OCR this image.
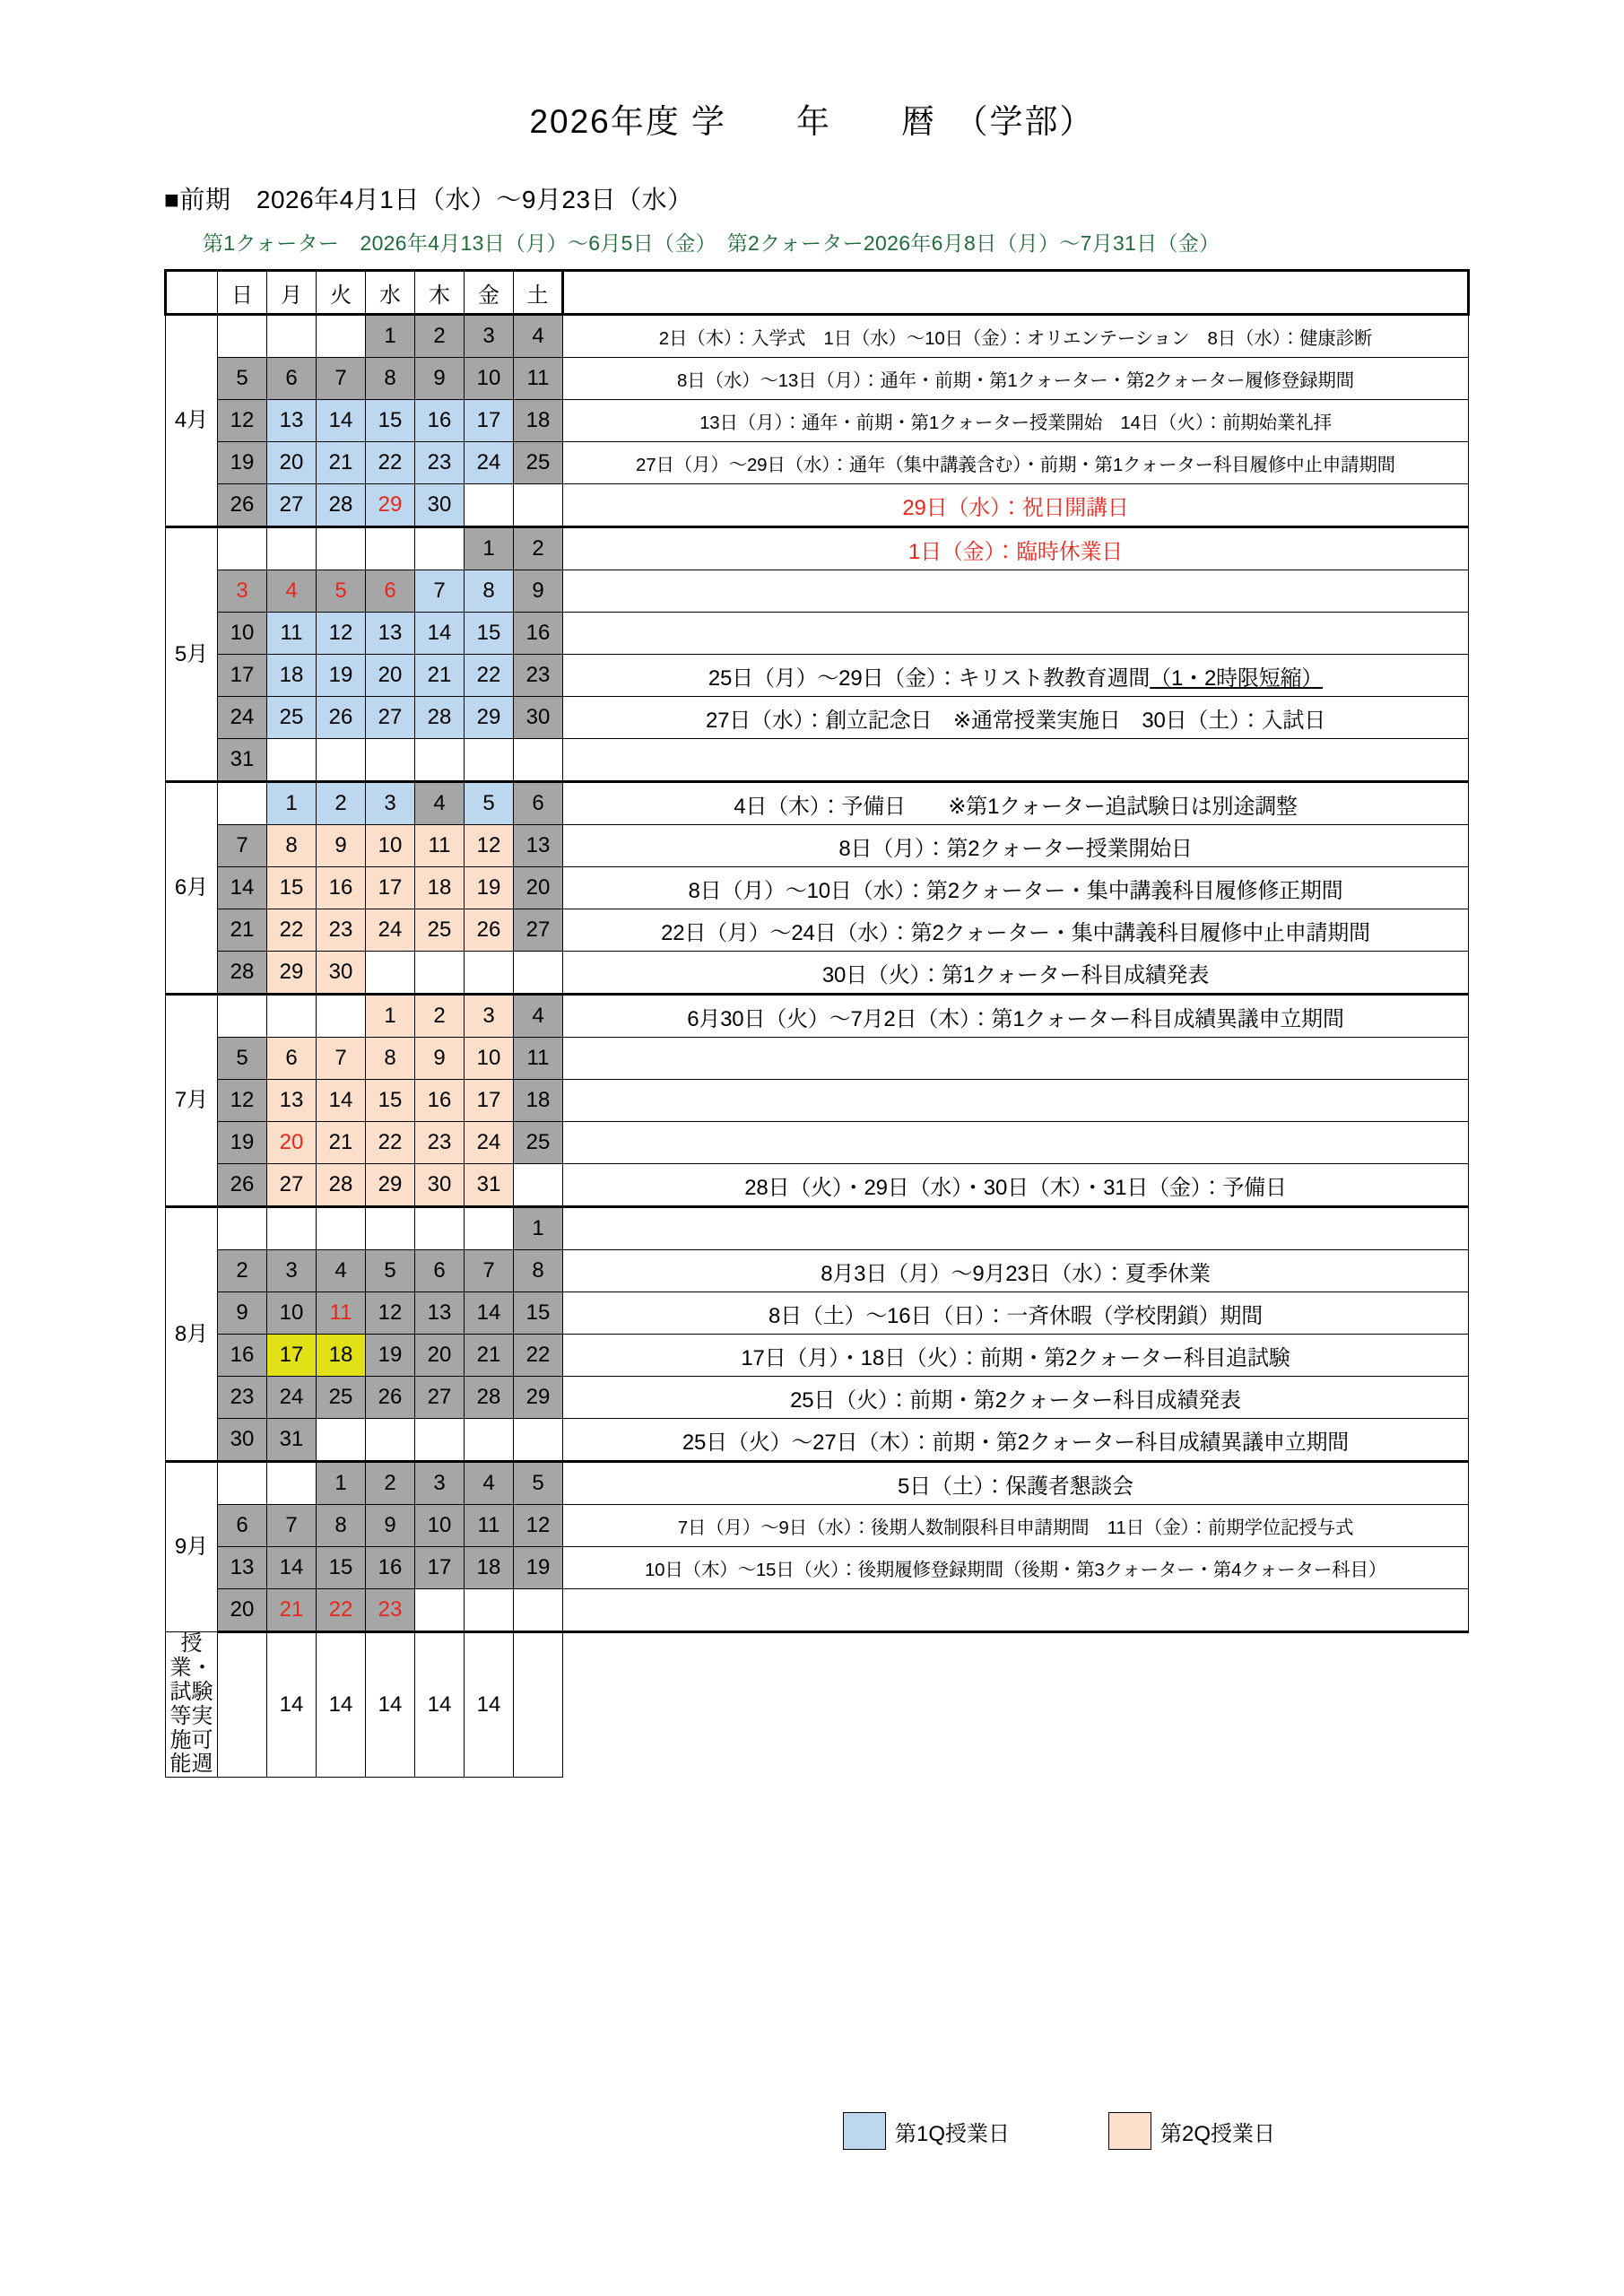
2026年度 学　　年　　暦　（学部）
■前期　2026年4月1日（水）～9月23日（水）
第1クォーター　2026年4月13日（月）～6月5日（金）　第2クォーター2026年6月8日（月）～7月31日（金）
	日	月	火	水	木	金	土	
4月				1	2	3	4	2日（木）：入学式　1日（水）～10日（金）：オリエンテーション　8日（水）：健康診断
	5	6	7	8	9	10	11	8日（水）～13日（月）：通年・前期・第1クォーター・第2クォーター履修登録期間
	12	13	14	15	16	17	18	13日（月）：通年・前期・第1クォーター授業開始　14日（火）：前期始業礼拝
	19	20	21	22	23	24	25	27日（月）～29日（水）：通年（集中講義含む）・前期・第1クォーター科目履修中止申請期間
	26	27	28	29	30			29日（水）：祝日開講日
5月						1	2	1日（金）：臨時休業日
	3	4	5	6	7	8	9	
	10	11	12	13	14	15	16	
	17	18	19	20	21	22	23	25日（月）～29日（金）：キリスト教教育週間（1・2時限短縮）
	24	25	26	27	28	29	30	27日（水）：創立記念日　※通常授業実施日　30日（土）：入試日
	31							
6月		1	2	3	4	5	6	4日（木）：予備日　　※第1クォーター追試験日は別途調整
	7	8	9	10	11	12	13	8日（月）：第2クォーター授業開始日
	14	15	16	17	18	19	20	8日（月）～10日（水）：第2クォーター・集中講義科目履修修正期間
	21	22	23	24	25	26	27	22日（月）～24日（水）：第2クォーター・集中講義科目履修中止申請期間
	28	29	30					30日（火）：第1クォーター科目成績発表
7月				1	2	3	4	6月30日（火）～7月2日（木）：第1クォーター科目成績異議申立期間
	5	6	7	8	9	10	11	
	12	13	14	15	16	17	18	
	19	20	21	22	23	24	25	
	26	27	28	29	30	31		28日（火）・29日（水）・30日（木）・31日（金）：予備日
8月							1	
	2	3	4	5	6	7	8	8月3日（月）～9月23日（水）：夏季休業
	9	10	11	12	13	14	15	8日（土）～16日（日）：一斉休暇（学校閉鎖）期間
	16	17	18	19	20	21	22	17日（月）・18日（火）：前期・第2クォーター科目追試験
	23	24	25	26	27	28	29	25日（火）：前期・第2クォーター科目成績発表
	30	31						25日（火）～27日（木）：前期・第2クォーター科目成績異議申立期間
9月			1	2	3	4	5	5日（土）：保護者懇談会
	6	7	8	9	10	11	12	7日（月）～9日（水）：後期人数制限科目申請期間　11日（金）：前期学位記授与式
	13	14	15	16	17	18	19	10日（木）～15日（火）：後期履修登録期間（後期・第3クォーター・第4クォーター科目）
	20	21	22	23				
授業・試験等実施可能週		14	14	14	14	14		
第1Q授業日	第2Q授業日
